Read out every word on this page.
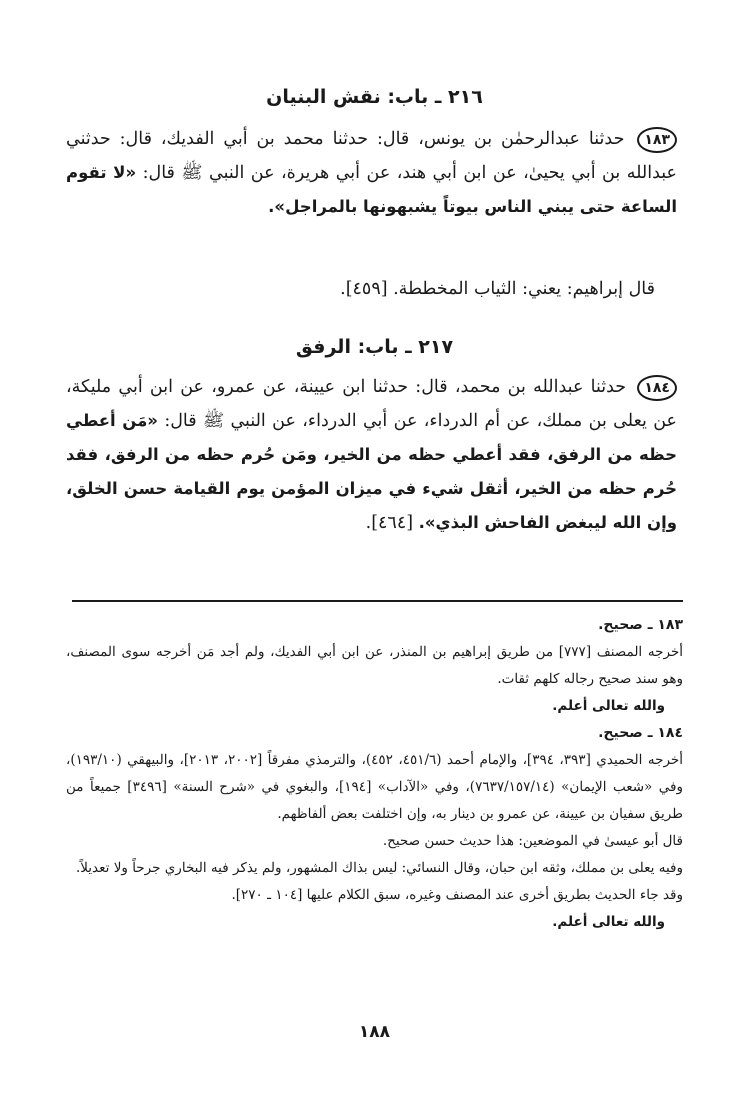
٢١٦ ـ باب: نقش البنيان

١٨٣ حدثنا عبدالرحمٰن بن يونس، قال: حدثنا محمد بن أبي الفديك، قال: حدثني عبدالله بن أبي يحيىٰ، عن ابن أبي هند، عن أبي هريرة، عن النبي ﷺ قال: «لا تقوم الساعة حتى يبني الناس بيوتاً يشبهونها بالمراجل».

قال إبراهيم: يعني: الثياب المخططة. [٤٥٩].

٢١٧ ـ باب: الرفق

١٨٤ حدثنا عبدالله بن محمد، قال: حدثنا ابن عيينة، عن عمرو، عن ابن أبي مليكة، عن يعلى بن مملك، عن أم الدرداء، عن أبي الدرداء، عن النبي ﷺ قال: «مَن أعطي حظه من الرفق، فقد أعطي حظه من الخير، ومَن حُرم حظه من الرفق، فقد حُرم حظه من الخير، أثقل شيء في ميزان المؤمن يوم القيامة حسن الخلق، وإن الله ليبغض الفاحش البذي». [٤٦٤].

١٨٣ ـ صحيح.

أخرجه المصنف [٧٧٧] من طريق إبراهيم بن المنذر، عن ابن أبي الفديك، ولم أجد مَن أخرجه سوى المصنف، وهو سند صحيح رجاله كلهم ثقات.

والله تعالى أعلم.

١٨٤ ـ صحيح.

أخرجه الحميدي [٣٩٣، ٣٩٤]، والإمام أحمد (٤٥١/٦، ٤٥٢)، والترمذي مفرقاً [٢٠٠٢، ٢٠١٣]، والبيهقي (١٩٣/١٠)، وفي «شعب الإيمان» (٧٦٣٧/١٥٧/١٤)، وفي «الآداب» [١٩٤]، والبغوي في «شرح السنة» [٣٤٩٦] جميعاً من طريق سفيان بن عيينة، عن عمرو بن دينار به، وإن اختلفت بعض ألفاظهم.

قال أبو عيسىٰ في الموضعين: هذا حديث حسن صحيح.

وفيه يعلى بن مملك، وثقه ابن حبان، وقال النسائي: ليس بذاك المشهور، ولم يذكر فيه البخاري جرحاً ولا تعديلاً.

وقد جاء الحديث بطريق أخرى عند المصنف وغيره، سبق الكلام عليها [١٠٤ ـ ٢٧٠].

والله تعالى أعلم.

١٨٨
